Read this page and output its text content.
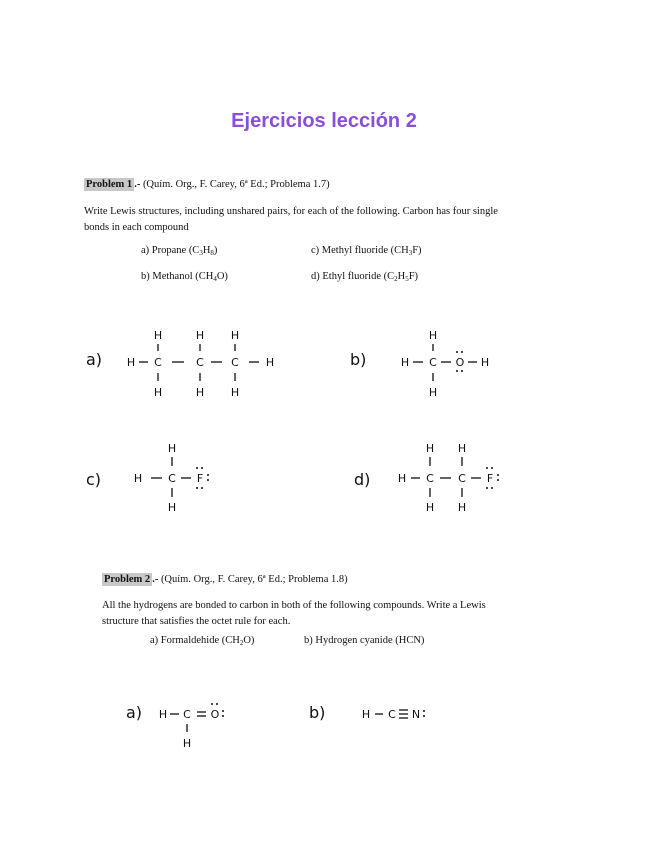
Ejercicios lección 2
Problem 1 .- (Quím. Org., F. Carey, 6ª Ed.; Problema 1.7)
Write Lewis structures, including unshared pairs, for each of the following. Carbon has four single bonds in each compound
a) Propane $(C_3H_8)$
b) Methanol $(CH_4O)$
c) Methyl fluoride $(CH_3F)$
d) Ethyl fluoride $(C_2H_5F)$
a)
H	H H
H C	C C H
H	H H
b)
H
H C O H
H
c)
H
H C F
H
d)
H H
H C C F
H H
Problem 2 .- (Quím. Org., F. Carey, 6ª Ed.; Problema 1.8)
All the hydrogens are bonded to carbon in both of the following compounds. Write a Lewis structure that satisfies the octet rule for each.
a) Formaldehide $(CH_2O)$	b) Hydrogen cyanide (HCN)
a) H C O
H
b)	H C N
